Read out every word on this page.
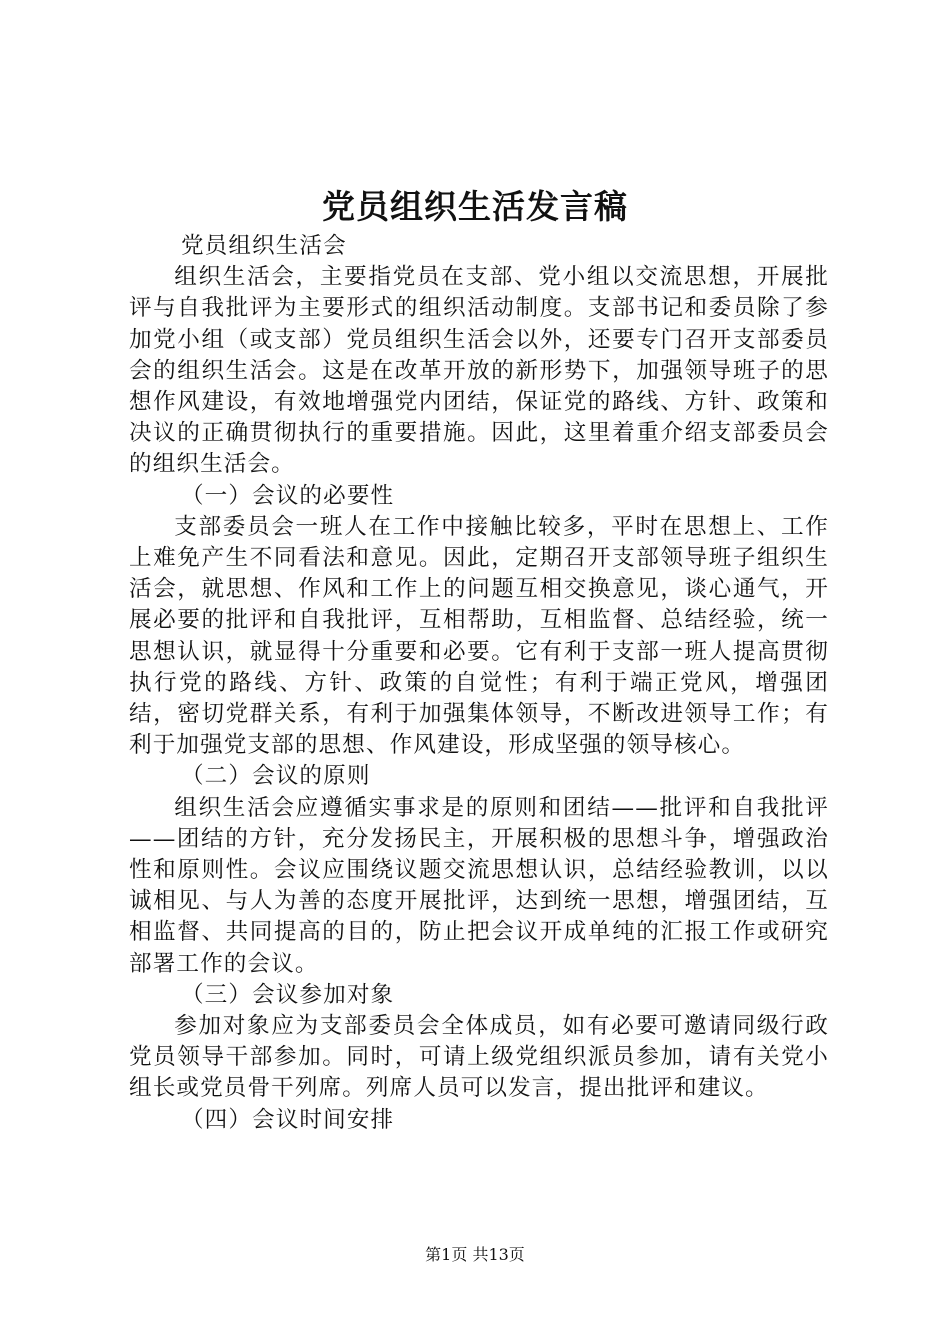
党员组织生活发言稿

党员组织生活会

组织生活会，主要指党员在支部、党小组以交流思想，开展批评与自我批评为主要形式的组织活动制度。支部书记和委员除了参加党小组（或支部）党员组织生活会以外，还要专门召开支部委员会的组织生活会。这是在改革开放的新形势下，加强领导班子的思想作风建设，有效地增强党内团结，保证党的路线、方针、政策和决议的正确贯彻执行的重要措施。因此，这里着重介绍支部委员会的组织生活会。

（一）会议的必要性

支部委员会一班人在工作中接触比较多，平时在思想上、工作上难免产生不同看法和意见。因此，定期召开支部领导班子组织生活会，就思想、作风和工作上的问题互相交换意见，谈心通气，开展必要的批评和自我批评，互相帮助，互相监督、总结经验，统一思想认识，就显得十分重要和必要。它有利于支部一班人提高贯彻执行党的路线、方针、政策的自觉性；有利于端正党风，增强团结，密切党群关系，有利于加强集体领导，不断改进领导工作；有利于加强党支部的思想、作风建设，形成坚强的领导核心。

（二）会议的原则

组织生活会应遵循实事求是的原则和团结——批评和自我批评——团结的方针，充分发扬民主，开展积极的思想斗争，增强政治性和原则性。会议应围绕议题交流思想认识，总结经验教训，以以诚相见、与人为善的态度开展批评，达到统一思想，增强团结，互相监督、共同提高的目的，防止把会议开成单纯的汇报工作或研究部署工作的会议。

（三）会议参加对象

参加对象应为支部委员会全体成员，如有必要可邀请同级行政党员领导干部参加。同时，可请上级党组织派员参加，请有关党小组长或党员骨干列席。列席人员可以发言，提出批评和建议。

（四）会议时间安排

第1页 共13页
